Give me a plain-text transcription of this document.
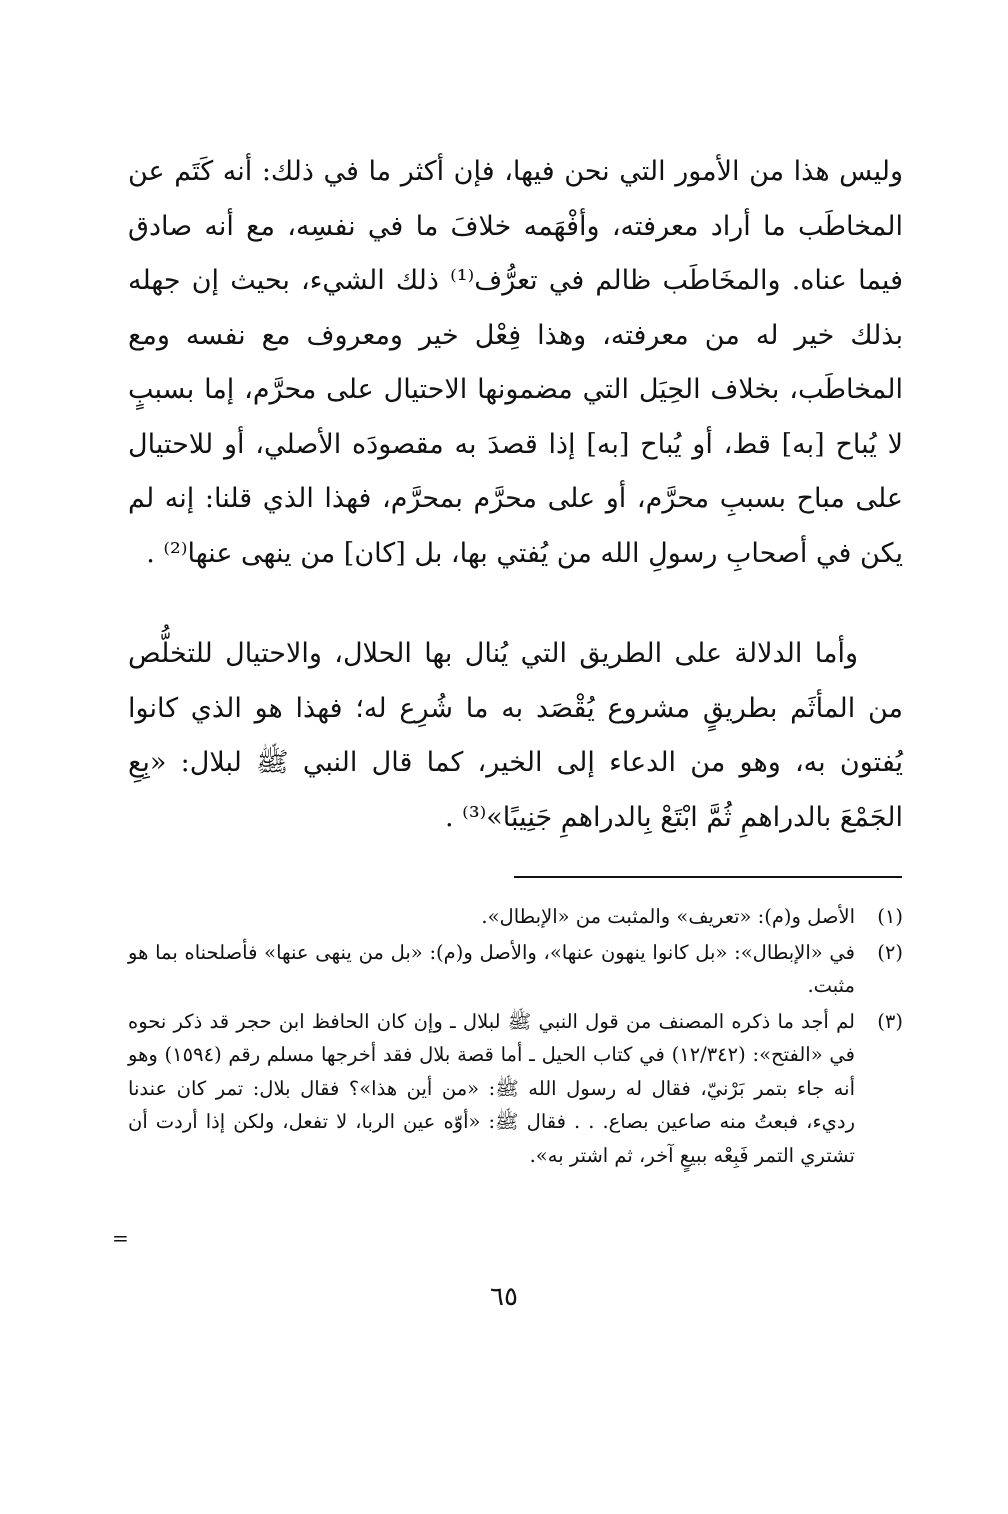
وليس هذا من الأمور التي نحن فيها، فإن أكثر ما في ذلك: أنه كَتَم عن المخاطَب ما أراد معرفته، وأفْهَمه خلافَ ما في نفسِه، مع أنه صادق فيما عناه. والمخَاطَب ظالم في تعرُّف⁽¹⁾ ذلك الشيء، بحيث إن جهله بذلك خير له من معرفته، وهذا فِعْل خير ومعروف مع نفسه ومع المخاطَب، بخلاف الحِيَل التي مضمونها الاحتيال على محرَّم، إما بسببٍ لا يُباح [به] قط، أو يُباح [به] إذا قصدَ به مقصودَه الأصلي، أو للاحتيال على مباح بسببِ محرَّم، أو على محرَّم بمحرَّم، فهذا الذي قلنا: إنه لم يكن في أصحابِ رسولِ الله من يُفتي بها، بل [كان] من ينهى عنها⁽²⁾ .

وأما الدلالة على الطريق التي يُنال بها الحلال، والاحتيال للتخلُّص من المأثَم بطريقٍ مشروع يُقْصَد به ما شُرِع له؛ فهذا هو الذي كانوا يُفتون به، وهو من الدعاء إلى الخير، كما قال النبي ﷺ لبلال: «بِعِ الجَمْعَ بالدراهمِ ثُمَّ ابْتَعْ بِالدراهمِ جَنِيبًا»⁽³⁾ .

(١)
الأصل و(م): «تعريف» والمثبت من «الإبطال».
(٢)
في «الإبطال»: «بل كانوا ينهون عنها»، والأصل و(م): «بل من ينهى عنها» فأصلحناه بما هو مثبت.
(٣)
لم أجد ما ذكره المصنف من قول النبي ﷺ لبلال ـ وإن كان الحافظ ابن حجر قد ذكر نحوه في «الفتح»: (١٢/٣٤٢) في كتاب الحيل ـ أما قصة بلال فقد أخرجها مسلم رقم (١٥٩٤) وهو أنه جاء بتمر بَرْنيّ، فقال له رسول الله ﷺ: «من أين هذا»؟ فقال بلال: تمر كان عندنا رديء، فبعتُ منه صاعين بصاع. . . فقال ﷺ: «أوّه عين الربا، لا تفعل، ولكن إذا أردت أن تشتري التمر فَبِعْه ببيعٍ آخر، ثم اشتر به».
=
٦٥
